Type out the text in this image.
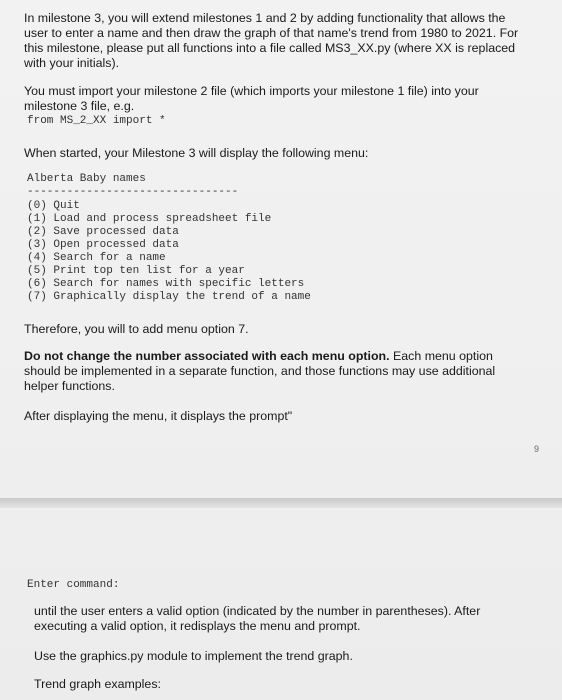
In milestone 3, you will extend milestones 1 and 2 by adding functionality that allows the user to enter a name and then draw the graph of that name's trend from 1980 to 2021. For this milestone, please put all functions into a file called MS3_XX.py (where XX is replaced with your initials).

You must import your milestone 2 file (which imports your milestone 1 file) into your milestone 3 file, e.g.

from MS_2_XX import *

When started, your Milestone 3 will display the following menu:

Alberta Baby names
--------------------------------
(0) Quit
(1) Load and process spreadsheet file
(2) Save processed data
(3) Open processed data
(4) Search for a name
(5) Print top ten list for a year
(6) Search for names with specific letters
(7) Graphically display the trend of a name

Therefore, you will to add menu option 7.

Do not change the number associated with each menu option. Each menu option should be implemented in a separate function, and those functions may use additional helper functions.

After displaying the menu, it displays the prompt"

9
Enter command:

until the user enters a valid option (indicated by the number in parentheses). After executing a valid option, it redisplays the menu and prompt.

Use the graphics.py module to implement the trend graph.

Trend graph examples:
